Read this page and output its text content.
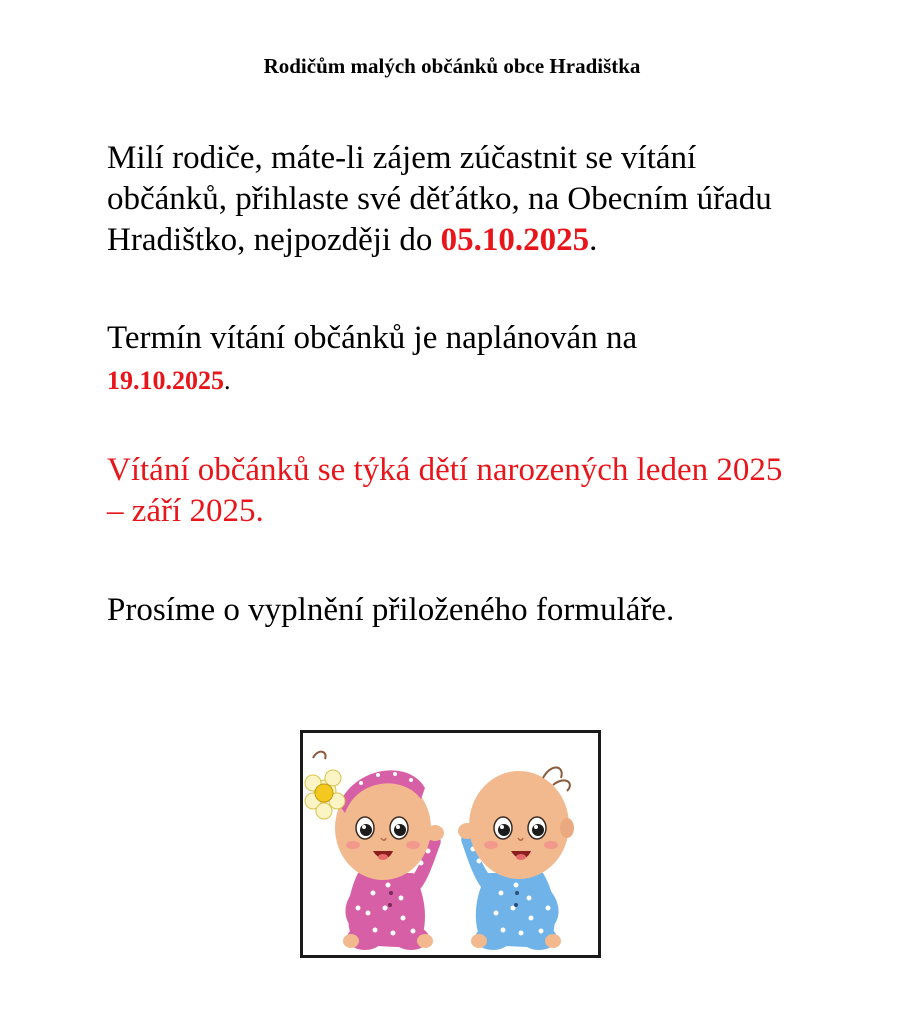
Rodičům malých občánků obce Hradištka

Milí rodiče, máte-li zájem zúčastnit se vítání občánků, přihlaste své děťátko, na Obecním úřadu Hradištko, nejpozději do 05.10.2025.

Termín vítání občánků je naplánován na
19.10.2025.

Vítání občánků se týká dětí narozených leden 2025 – září 2025.

Prosíme o vyplnění přiloženého formuláře.
